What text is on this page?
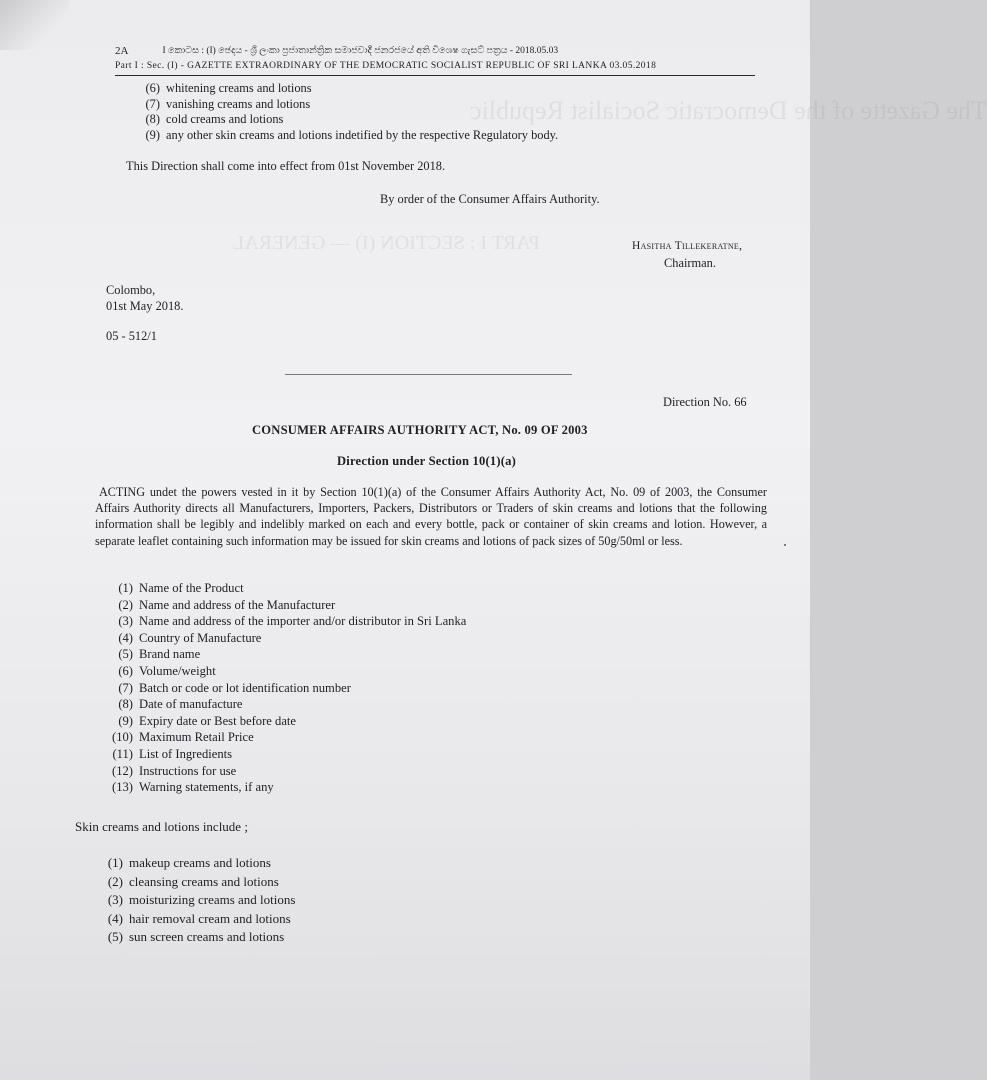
The Gazette of the Democratic Socialist Republic
PART I : SECTION (I) — GENERAL
2A	I කොටස : (I) ඡෙදය - ශ්‍රී ලංකා ප්‍රජාතාන්ත්‍රික සමාජවාදී ජනරජයේ අති විශෙෂ ගැසට් පත්‍රය - 2018.05.03
Part I : Sec. (I) - GAZETTE EXTRAORDINARY OF THE DEMOCRATIC SOCIALIST REPUBLIC OF SRI LANKA 03.05.2018
(6) whitening creams and lotions
(7) vanishing creams and lotions
(8) cold creams and lotions
(9) any other skin creams and lotions indetified by the respective Regulatory body.
This Direction shall come into effect from 01st November 2018.
By order of the Consumer Affairs Authority.
Hasitha Tillekeratne,
Chairman.
Colombo,
01st May 2018.
05 - 512/1
Direction No. 66
CONSUMER AFFAIRS AUTHORITY ACT, No. 09 OF 2003
Direction under Section 10(1)(a)
ACTING undet the powers vested in it by Section 10(1)(a) of the Consumer Affairs Authority Act, No. 09 of 2003, the Consumer Affairs Authority directs all Manufacturers, Importers, Packers, Distributors or Traders of skin creams and lotions that the following information shall be legibly and indelibly marked on each and every bottle, pack or container of skin creams and lotion. However, a separate leaflet containing such information may be issued for skin creams and lotions of pack sizes of 50g/50ml or less.
(1) Name of the Product
(2) Name and address of the Manufacturer
(3) Name and address of the importer and/or distributor in Sri Lanka
(4) Country of Manufacture
(5) Brand name
(6) Volume/weight
(7) Batch or code or lot identification number
(8) Date of manufacture
(9) Expiry date or Best before date
(10) Maximum Retail Price
(11) List of Ingredients
(12) Instructions for use
(13) Warning statements, if any
Skin creams and lotions include ;
(1) makeup creams and lotions
(2) cleansing creams and lotions
(3) moisturizing creams and lotions
(4) hair removal cream and lotions
(5) sun screen creams and lotions
